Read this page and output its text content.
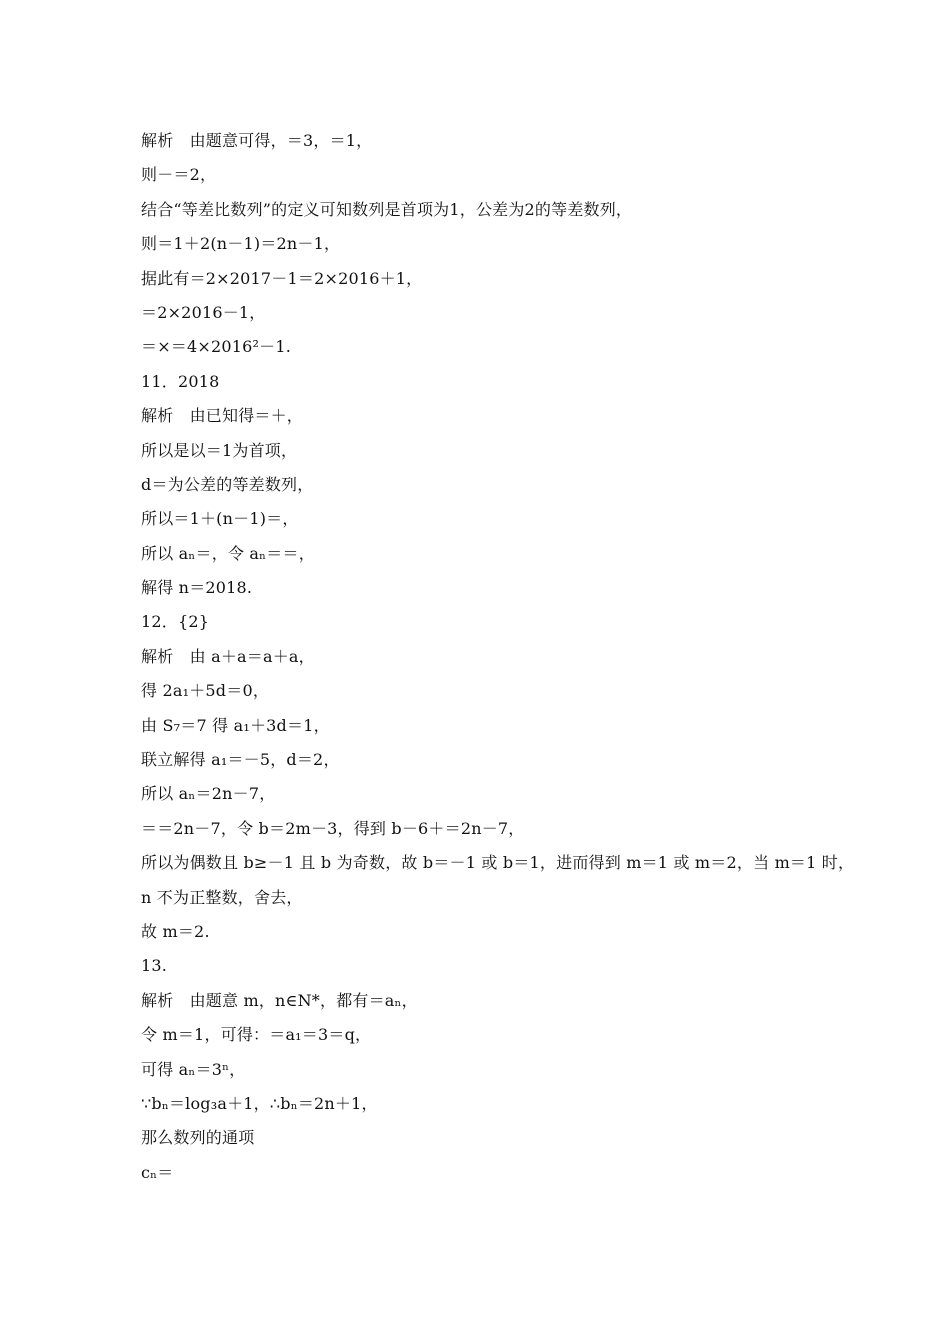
解析　由题意可得，＝3，＝1，
则－＝2，
结合“等差比数列”的定义可知数列是首项为1，公差为2的等差数列，
则＝1＋2(n－1)＝2n－1，
据此有＝2×2017－1＝2×2016＋1，
＝2×2016－1，
＝×＝4×2016²－1.
11．2018
解析　由已知得＝＋，
所以是以＝1为首项，
d＝为公差的等差数列，
所以＝1＋(n－1)＝，
所以 aₙ＝，令 aₙ＝＝，
解得 n＝2018.
12．{2}
解析　由 a＋a＝a＋a，
得 2a₁＋5d＝0，
由 S₇＝7 得 a₁＋3d＝1，
联立解得 a₁＝－5，d＝2，
所以 aₙ＝2n－7，
＝＝2n－7，令 b＝2m－3，得到 b－6＋＝2n－7，
所以为偶数且 b≥－1 且 b 为奇数，故 b＝－1 或 b＝1，进而得到 m＝1 或 m＝2，当 m＝1 时，
n 不为正整数，舍去，
故 m＝2.
13.
解析　由题意 m，n∈N*，都有＝aₙ，
令 m＝1，可得：＝a₁＝3＝q，
可得 aₙ＝3ⁿ，
∵bₙ＝log₃a＋1，∴bₙ＝2n＋1，
那么数列的通项
cₙ＝
